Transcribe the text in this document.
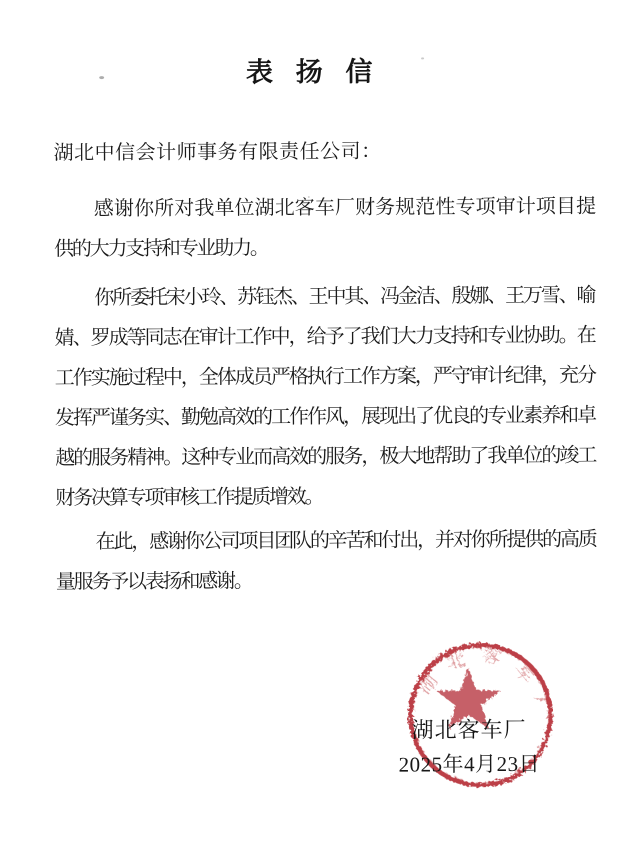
表 扬 信
湖北中信会计师事务有限责任公司：
感谢你所对我单位湖北客车厂财务规范性专项审计项目提
供的大力支持和专业助力。
你所委托宋小玲、苏钰杰、王中其、冯金洁、殷娜、王万雪、喻
婧、罗成等同志在审计工作中，给予了我们大力支持和专业协助。在
工作实施过程中，全体成员严格执行工作方案，严守审计纪律，充分
发挥严谨务实、勤勉高效的工作作风，展现出了优良的专业素养和卓
越的服务精神。这种专业而高效的服务，极大地帮助了我单位的竣工
财务决算专项审核工作提质增效。
在此，感谢你公司项目团队的辛苦和付出，并对你所提供的高质
量服务予以表扬和感谢。
湖北客车厂
湖北客车厂
2025年4月23日
